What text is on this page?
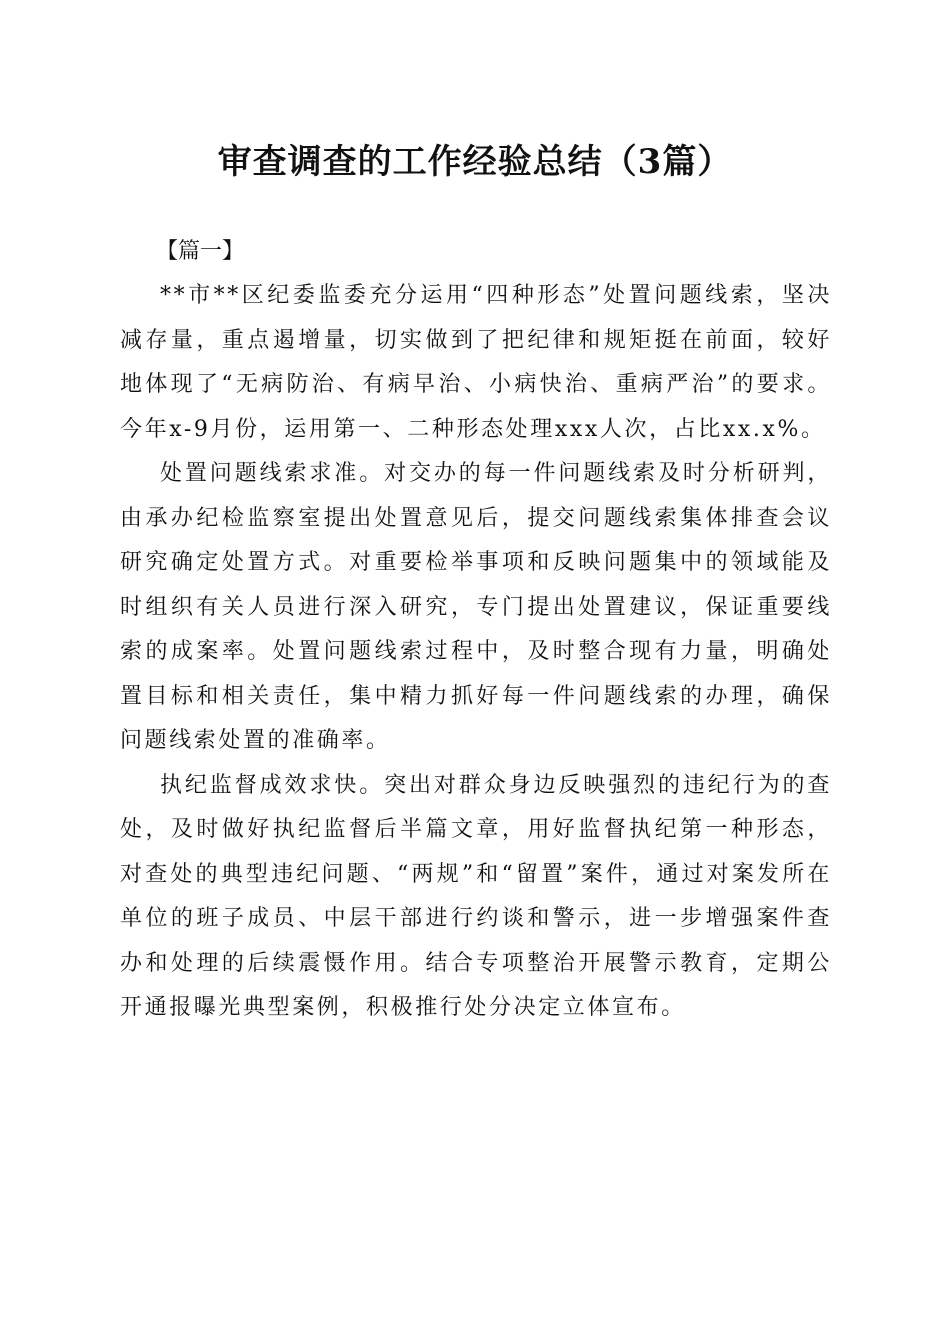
审查调查的工作经验总结（3篇）

【篇一】

**市**区纪委监委充分运用“四种形态”处置问题线索，坚决减存量，重点遏增量，切实做到了把纪律和规矩挺在前面，较好地体现了“无病防治、有病早治、小病快治、重病严治”的要求。今年x-9月份，运用第一、二种形态处理xxx人次，占比xx.x%。

处置问题线索求准。对交办的每一件问题线索及时分析研判，由承办纪检监察室提出处置意见后，提交问题线索集体排查会议研究确定处置方式。对重要检举事项和反映问题集中的领域能及时组织有关人员进行深入研究，专门提出处置建议，保证重要线索的成案率。处置问题线索过程中，及时整合现有力量，明确处置目标和相关责任，集中精力抓好每一件问题线索的办理，确保问题线索处置的准确率。

执纪监督成效求快。突出对群众身边反映强烈的违纪行为的查处，及时做好执纪监督后半篇文章，用好监督执纪第一种形态，对查处的典型违纪问题、“两规”和“留置”案件，通过对案发所在单位的班子成员、中层干部进行约谈和警示，进一步增强案件查办和处理的后续震慑作用。结合专项整治开展警示教育，定期公开通报曝光典型案例，积极推行处分决定立体宣布。
